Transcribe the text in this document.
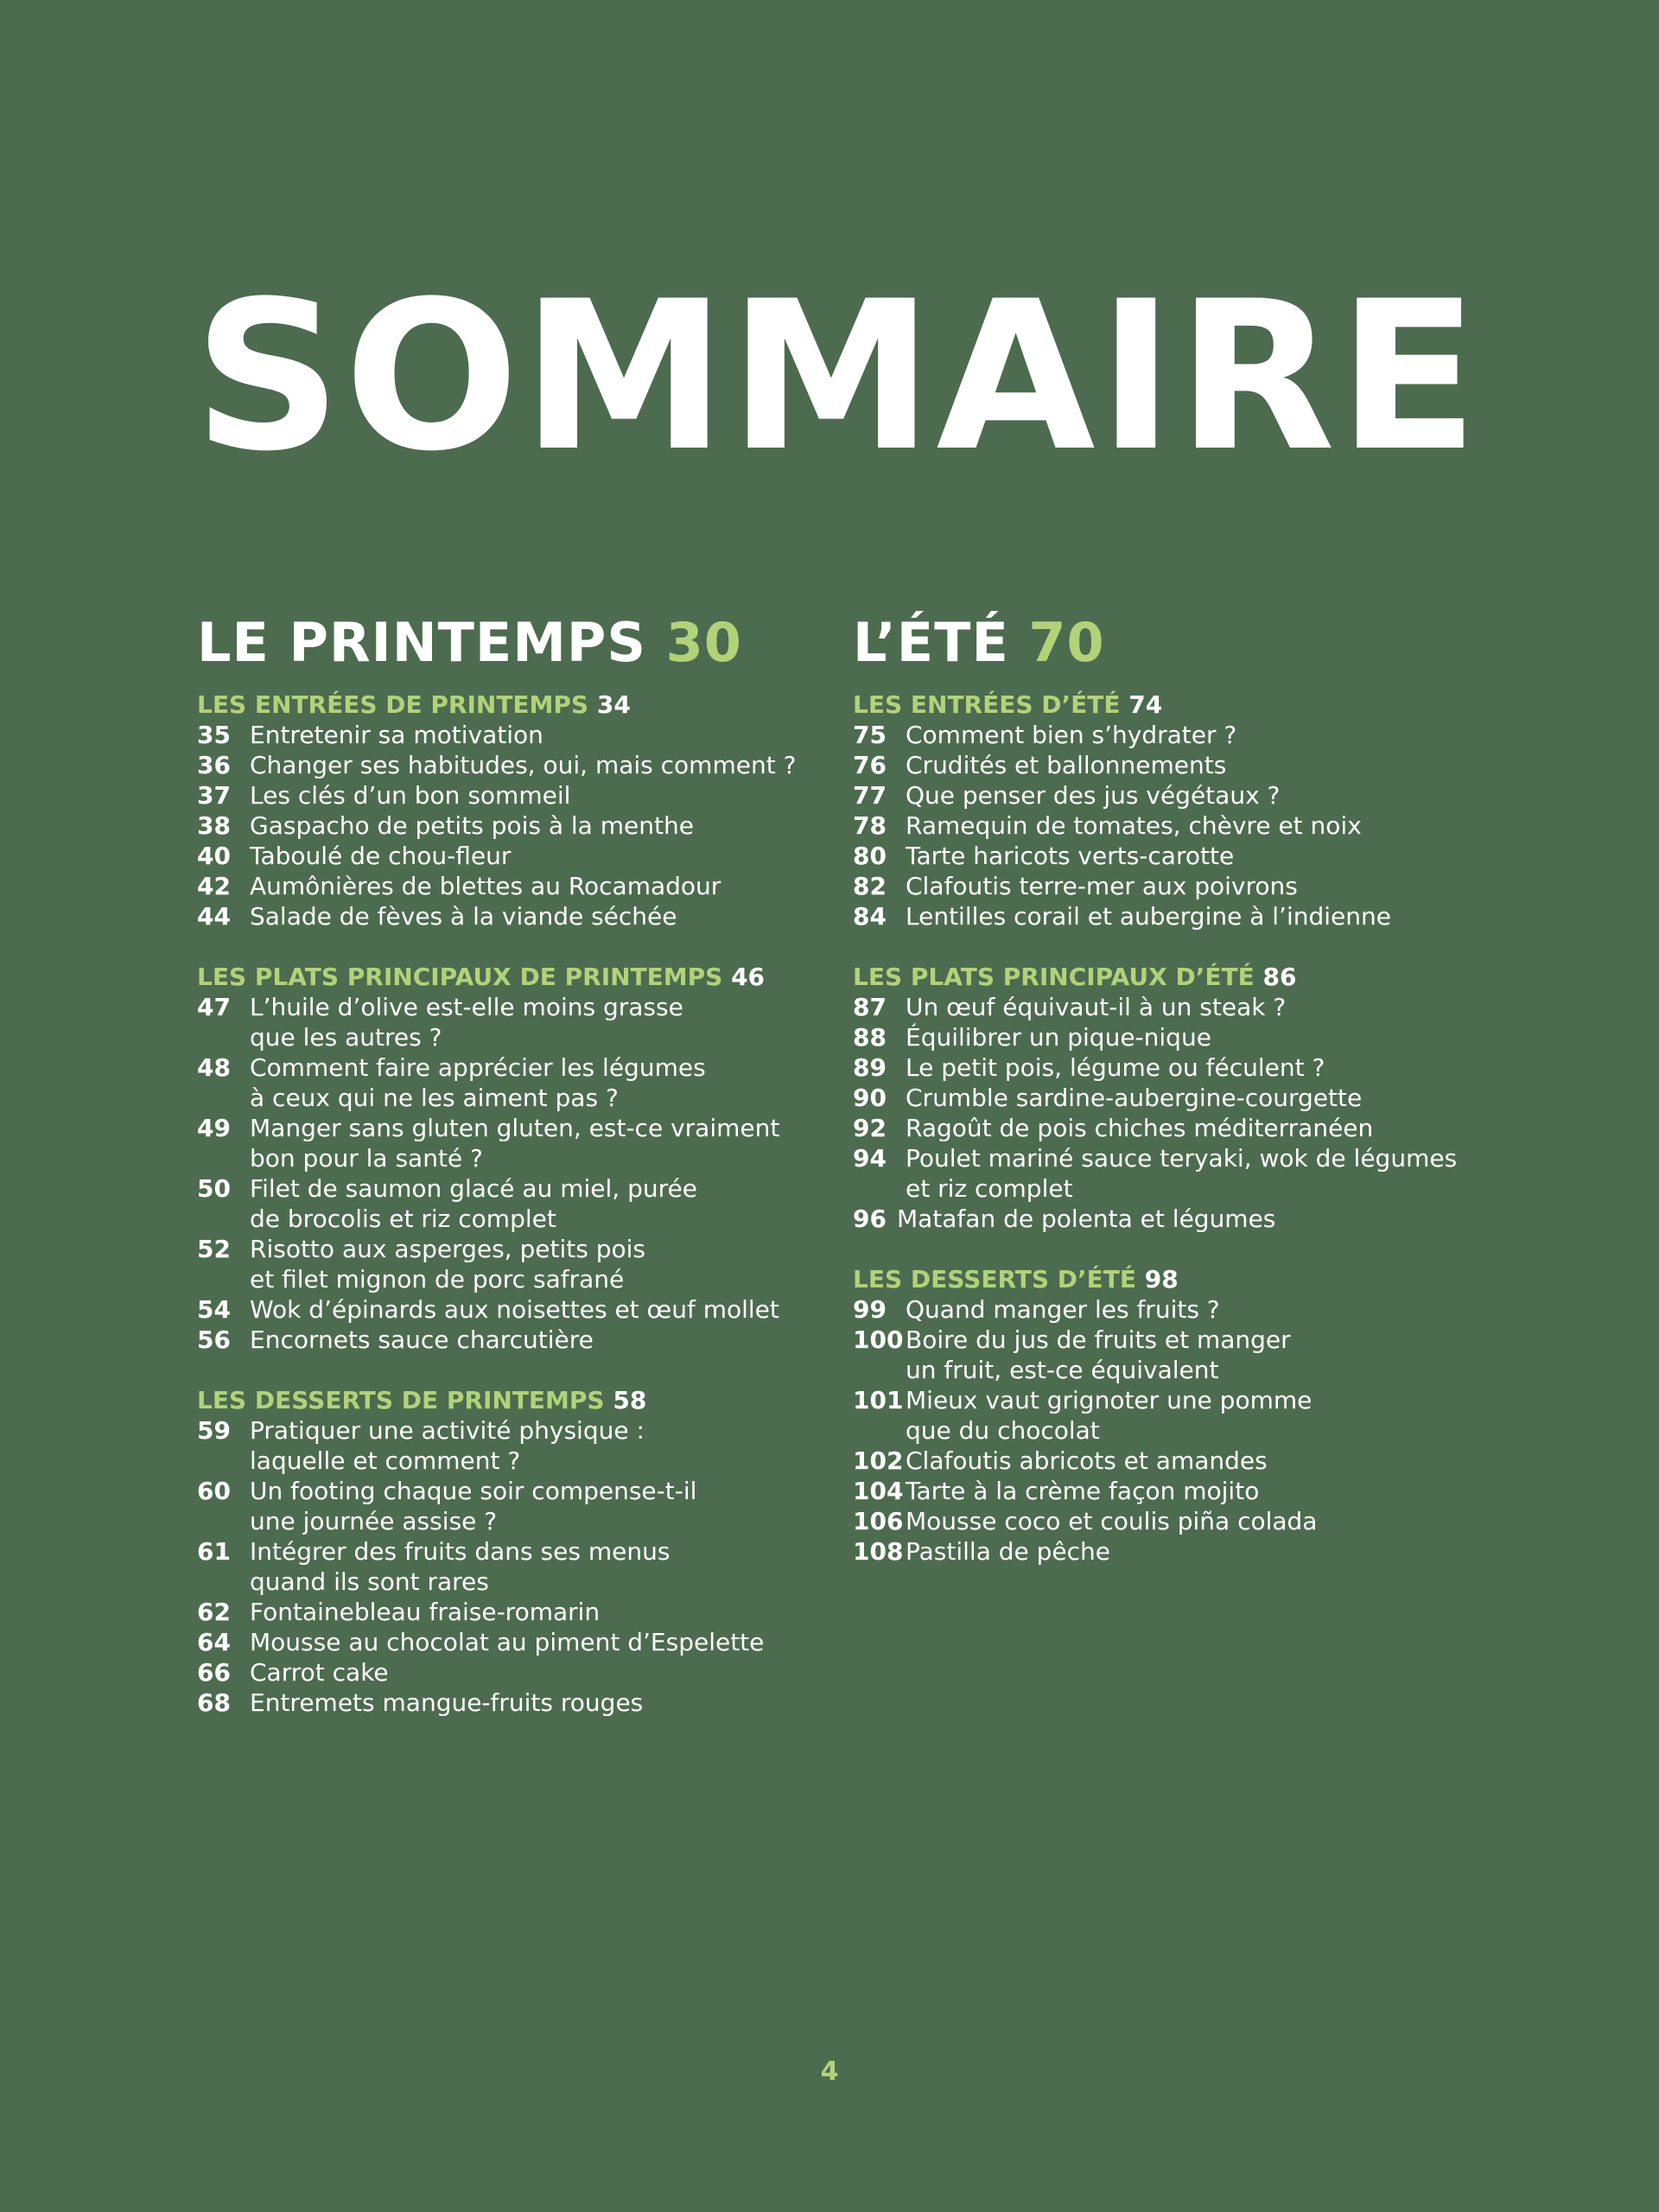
SOMMAIRE
LE PRINTEMPS 30
LES ENTRÉES DE PRINTEMPS 34
35 Entretenir sa motivation
36 Changer ses habitudes, oui, mais comment ?
37 Les clés d’un bon sommeil
38 Gaspacho de petits pois à la menthe
40 Taboulé de chou-fleur
42 Aumônières de blettes au Rocamadour
44 Salade de fèves à la viande séchée
LES PLATS PRINCIPAUX DE PRINTEMPS 46
47 L’huile d’olive est-elle moins grasse
que les autres ?
48 Comment faire apprécier les légumes
à ceux qui ne les aiment pas ?
49 Manger sans gluten gluten, est-ce vraiment
bon pour la santé ?
50 Filet de saumon glacé au miel, purée
de brocolis et riz complet
52 Risotto aux asperges, petits pois
et filet mignon de porc safrané
54 Wok d’épinards aux noisettes et œuf mollet
56 Encornets sauce charcutière
LES DESSERTS DE PRINTEMPS 58
59 Pratiquer une activité physique :
laquelle et comment ?
60 Un footing chaque soir compense-t-il
une journée assise ?
61 Intégrer des fruits dans ses menus
quand ils sont rares
62 Fontainebleau fraise-romarin
64 Mousse au chocolat au piment d’Espelette
66 Carrot cake
68 Entremets mangue-fruits rouges
L’ÉTÉ 70
LES ENTRÉES D’ÉTÉ 74
75 Comment bien s’hydrater ?
76 Crudités et ballonnements
77 Que penser des jus végétaux ?
78 Ramequin de tomates, chèvre et noix
80 Tarte haricots verts-carotte
82 Clafoutis terre-mer aux poivrons
84 Lentilles corail et aubergine à l’indienne
LES PLATS PRINCIPAUX D’ÉTÉ 86
87 Un œuf équivaut-il à un steak ?
88 Équilibrer un pique-nique
89 Le petit pois, légume ou féculent ?
90 Crumble sardine-aubergine-courgette
92 Ragoût de pois chiches méditerranéen
94 Poulet mariné sauce teryaki, wok de légumes
et riz complet
96 Matafan de polenta et légumes
LES DESSERTS D’ÉTÉ 98
99 Quand manger les fruits ?
100 Boire du jus de fruits et manger
un fruit, est-ce équivalent
101 Mieux vaut grignoter une pomme
que du chocolat
102 Clafoutis abricots et amandes
104 Tarte à la crème façon mojito
106 Mousse coco et coulis piña colada
108 Pastilla de pêche
4
